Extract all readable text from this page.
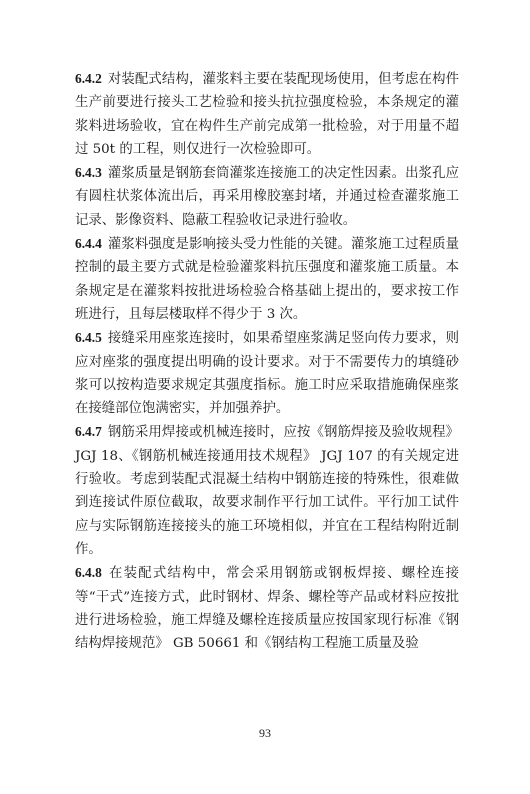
6.4.2 对装配式结构，灌浆料主要在装配现场使用，但考虑在构件生产前要进行接头工艺检验和接头抗拉强度检验，本条规定的灌浆料进场验收，宜在构件生产前完成第一批检验，对于用量不超过 50t 的工程，则仅进行一次检验即可。

6.4.3 灌浆质量是钢筋套筒灌浆连接施工的决定性因素。出浆孔应有圆柱状浆体流出后，再采用橡胶塞封堵，并通过检查灌浆施工记录、影像资料、隐蔽工程验收记录进行验收。

6.4.4 灌浆料强度是影响接头受力性能的关键。灌浆施工过程质量控制的最主要方式就是检验灌浆料抗压强度和灌浆施工质量。本条规定是在灌浆料按批进场检验合格基础上提出的，要求按工作班进行，且每层楼取样不得少于 3 次。

6.4.5 接缝采用座浆连接时，如果希望座浆满足竖向传力要求，则应对座浆的强度提出明确的设计要求。对于不需要传力的填缝砂浆可以按构造要求规定其强度指标。施工时应采取措施确保座浆在接缝部位饱满密实，并加强养护。

6.4.7 钢筋采用焊接或机械连接时，应按《钢筋焊接及验收规程》 JGJ 18、《钢筋机械连接通用技术规程》 JGJ 107 的有关规定进行验收。考虑到装配式混凝土结构中钢筋连接的特殊性，很难做到连接试件原位截取，故要求制作平行加工试件。平行加工试件应与实际钢筋连接接头的施工环境相似，并宜在工程结构附近制作。

6.4.8 在装配式结构中，常会采用钢筋或钢板焊接、螺栓连接等“干式”连接方式，此时钢材、焊条、螺栓等产品或材料应按批进行进场检验，施工焊缝及螺栓连接质量应按国家现行标准《钢结构焊接规范》 GB 50661 和《钢结构工程施工质量及验

93
